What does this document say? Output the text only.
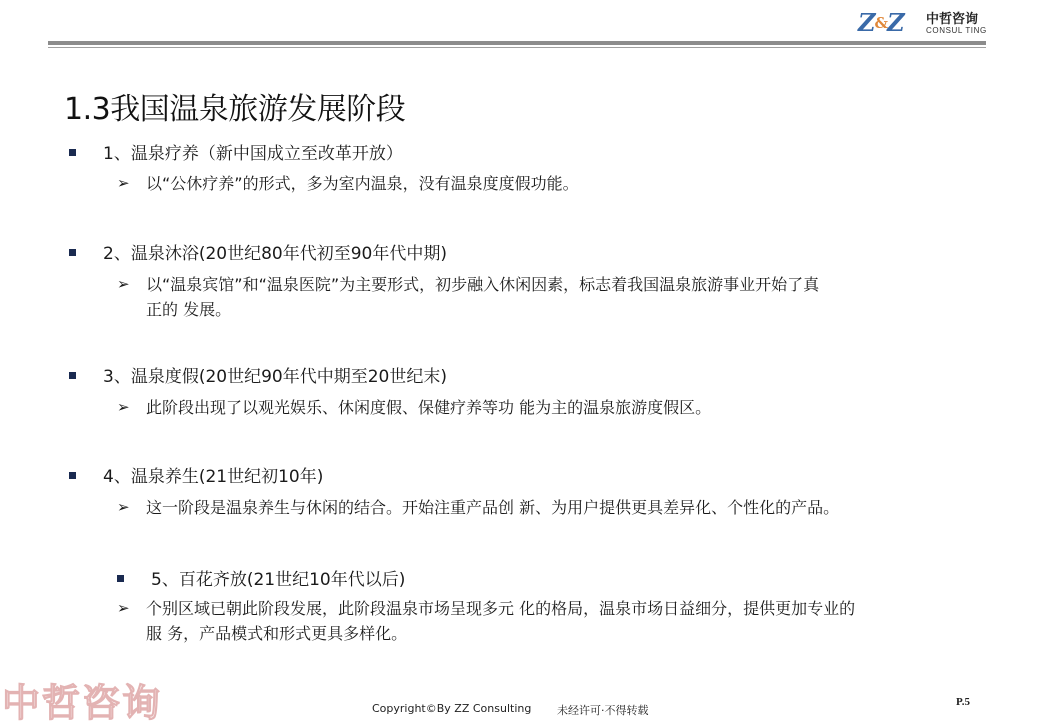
Z&Z 中哲咨询
CONSUL TING
1.3我国温泉旅游发展阶段
1、温泉疗养（新中国成立至改革开放）
➢ 以“公休疗养”的形式，多为室内温泉，没有温泉度度假功能。
2、温泉沐浴(20世纪80年代初至90年代中期)
➢ 以“温泉宾馆”和“温泉医院”为主要形式，初步融入休闲因素，标志着我国温泉旅游事业开始了真
正的 发展。
3、温泉度假(20世纪90年代中期至20世纪末)
➢ 此阶段出现了以观光娱乐、休闲度假、保健疗养等功 能为主的温泉旅游度假区。
4、温泉养生(21世纪初10年)
➢ 这一阶段是温泉养生与休闲的结合。开始注重产品创 新、为用户提供更具差异化、个性化的产品。
5、百花齐放(21世纪10年代以后)
➢ 个别区域已朝此阶段发展，此阶段温泉市场呈现多元 化的格局，温泉市场日益细分，提供更加专业的
服 务，产品模式和形式更具多样化。
中哲咨询	Copyright©By ZZ Consulting 未经许可·不得转载
P.5
